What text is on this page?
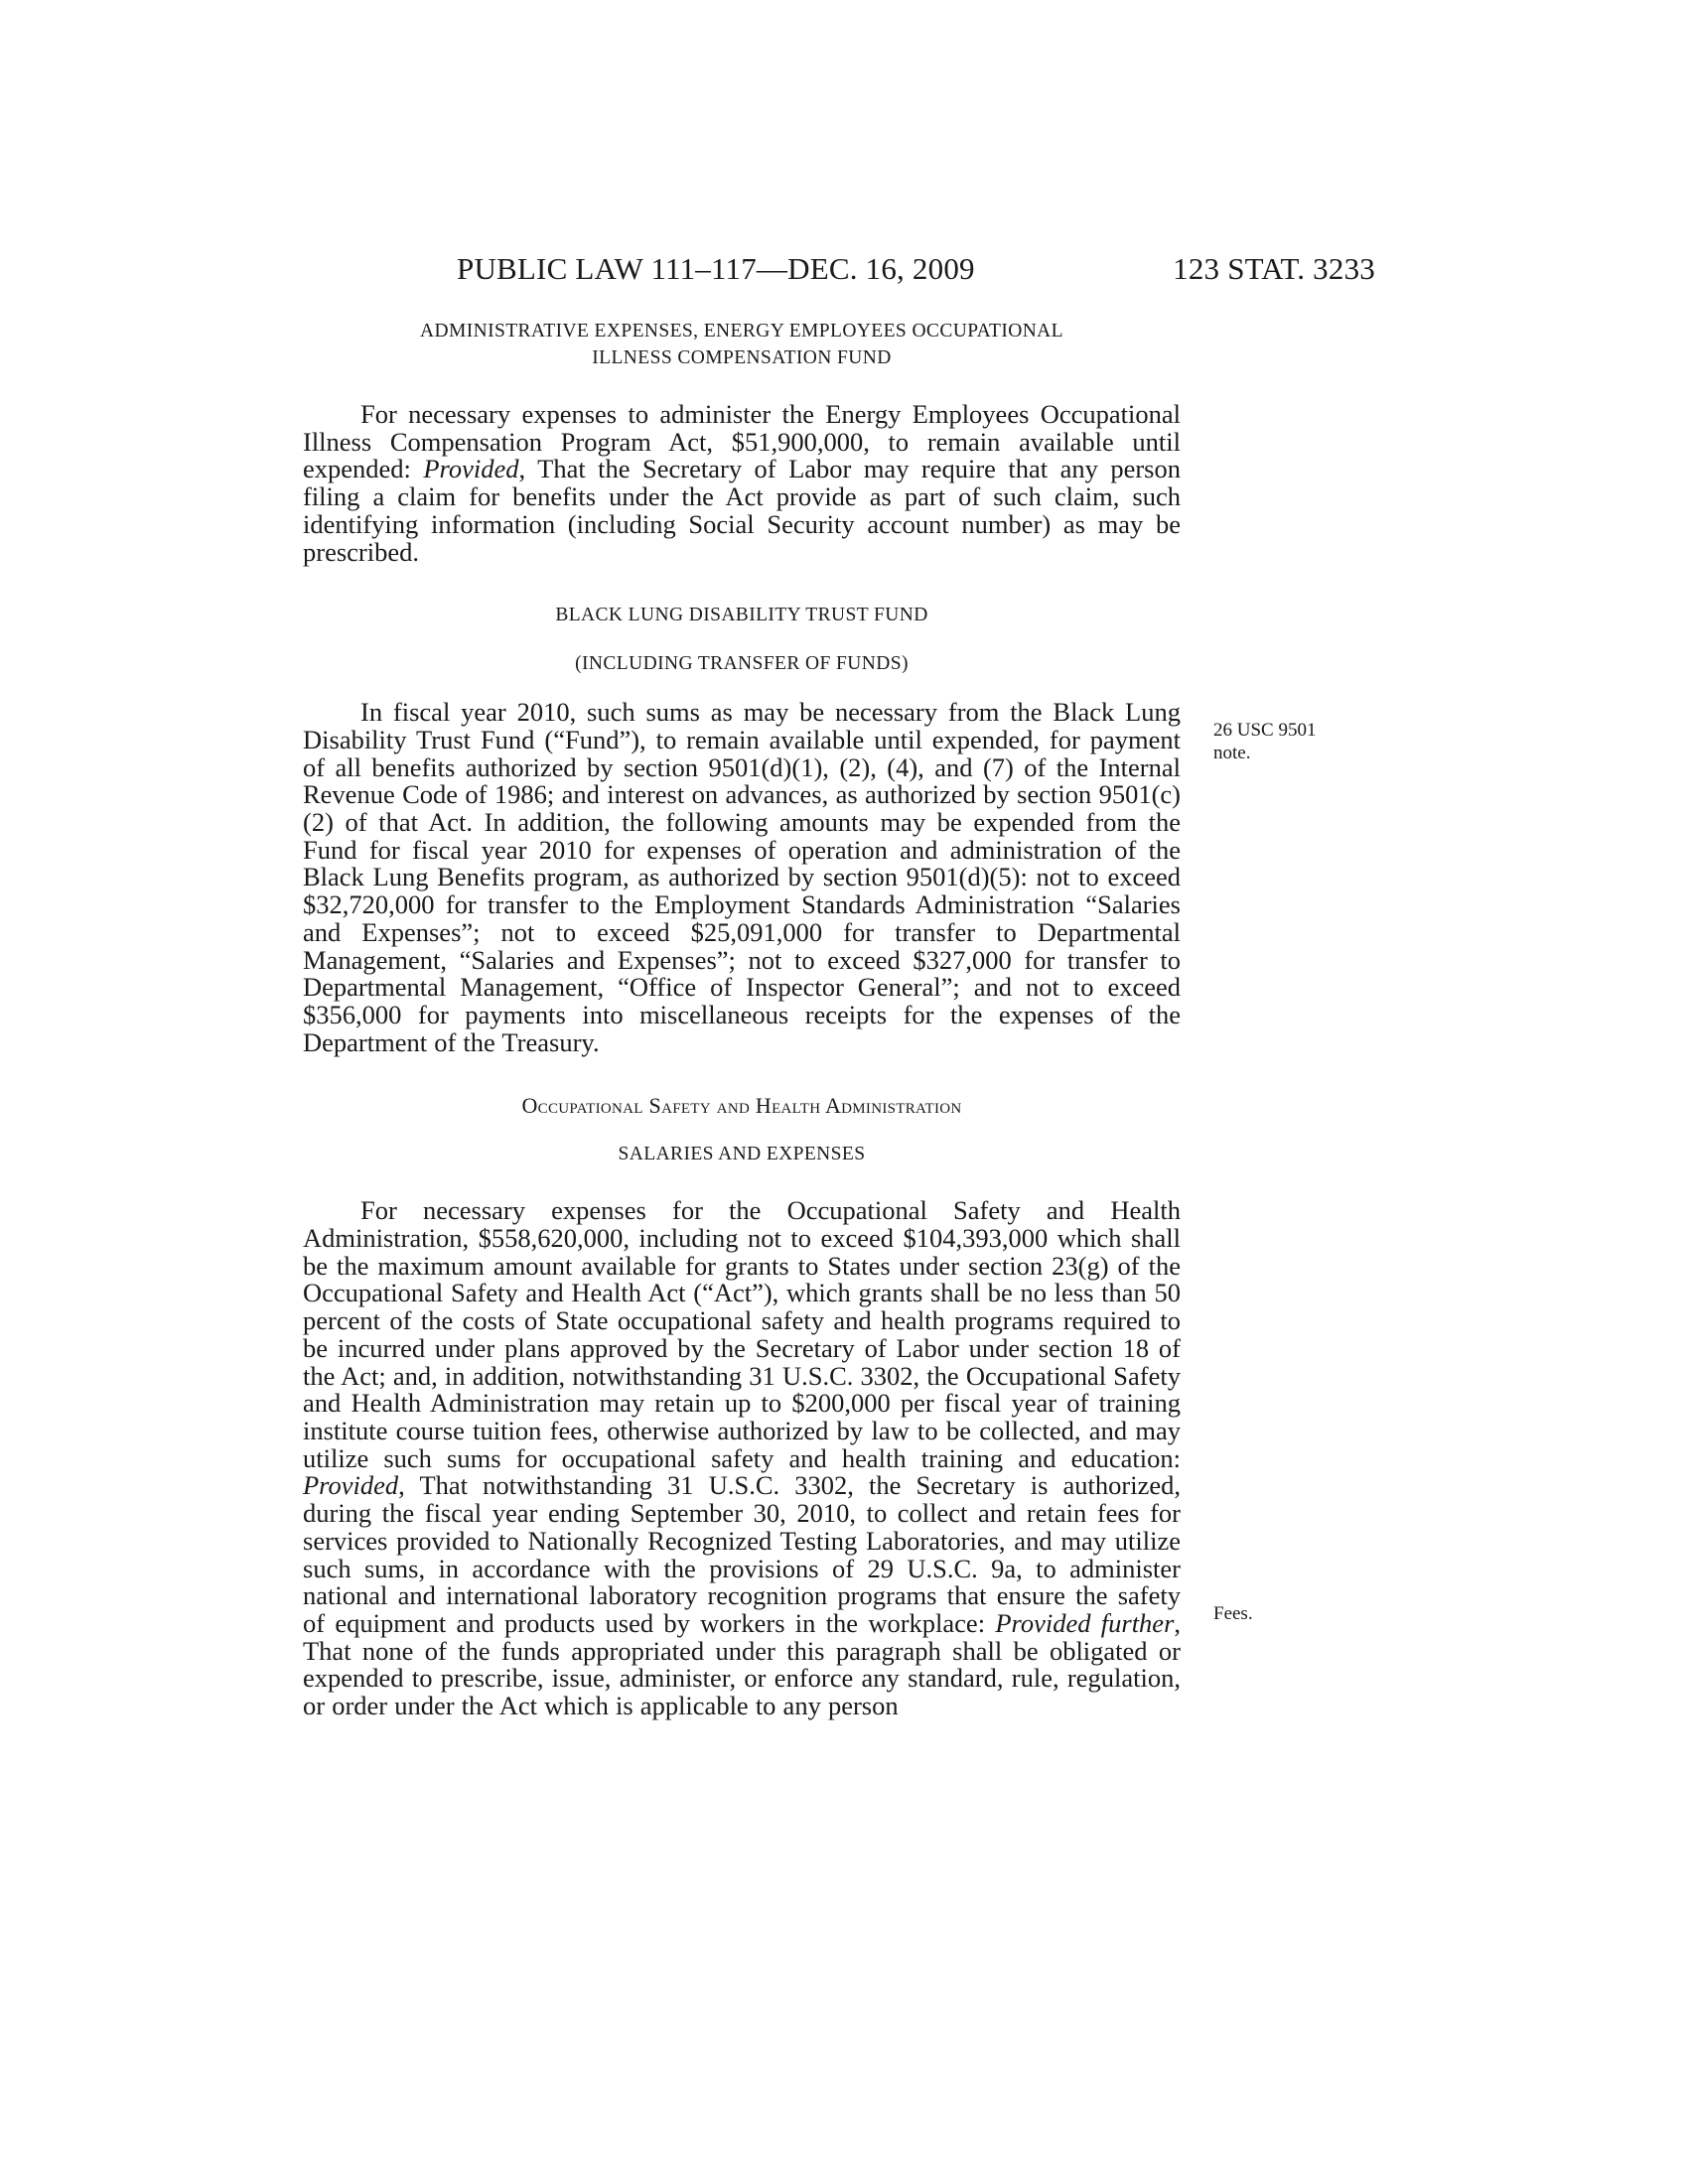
PUBLIC LAW 111–117—DEC. 16, 2009	123 STAT. 3233
ADMINISTRATIVE EXPENSES, ENERGY EMPLOYEES OCCUPATIONAL
ILLNESS COMPENSATION FUND

For necessary expenses to administer the Energy Employees Occupational Illness Compensation Program Act, $51,900,000, to remain available until expended: Provided, That the Secretary of Labor may require that any person filing a claim for benefits under the Act provide as part of such claim, such identifying information (including Social Security account number) as may be prescribed.

BLACK LUNG DISABILITY TRUST FUND
(INCLUDING TRANSFER OF FUNDS)

In fiscal year 2010, such sums as may be necessary from the Black Lung Disability Trust Fund (“Fund”), to remain available until expended, for payment of all benefits authorized by section 9501(d)(1), (2), (4), and (7) of the Internal Revenue Code of 1986; and interest on advances, as authorized by section 9501(c)(2) of that Act. In addition, the following amounts may be expended from the Fund for fiscal year 2010 for expenses of operation and administration of the Black Lung Benefits program, as authorized by section 9501(d)(5): not to exceed $32,720,000 for transfer to the Employment Standards Administration “Salaries and Expenses”; not to exceed $25,091,000 for transfer to Departmental Management, “Salaries and Expenses”; not to exceed $327,000 for transfer to Departmental Management, “Office of Inspector General”; and not to exceed $356,000 for payments into miscellaneous receipts for the expenses of the Department of the Treasury.

Occupational Safety and Health Administration
SALARIES AND EXPENSES

For necessary expenses for the Occupational Safety and Health Administration, $558,620,000, including not to exceed $104,393,000 which shall be the maximum amount available for grants to States under section 23(g) of the Occupational Safety and Health Act (“Act”), which grants shall be no less than 50 percent of the costs of State occupational safety and health programs required to be incurred under plans approved by the Secretary of Labor under section 18 of the Act; and, in addition, notwithstanding 31 U.S.C. 3302, the Occupational Safety and Health Administration may retain up to $200,000 per fiscal year of training institute course tuition fees, otherwise authorized by law to be collected, and may utilize such sums for occupational safety and health training and education: Provided, That notwithstanding 31 U.S.C. 3302, the Secretary is authorized, during the fiscal year ending September 30, 2010, to collect and retain fees for services provided to Nationally Recognized Testing Laboratories, and may utilize such sums, in accordance with the provisions of 29 U.S.C. 9a, to administer national and international laboratory recognition programs that ensure the safety of equipment and products used by workers in the workplace: Provided further, That none of the funds appropriated under this paragraph shall be obligated or expended to prescribe, issue, administer, or enforce any standard, rule, regulation, or order under the Act which is applicable to any person

26 USC 9501
note.
Fees.
